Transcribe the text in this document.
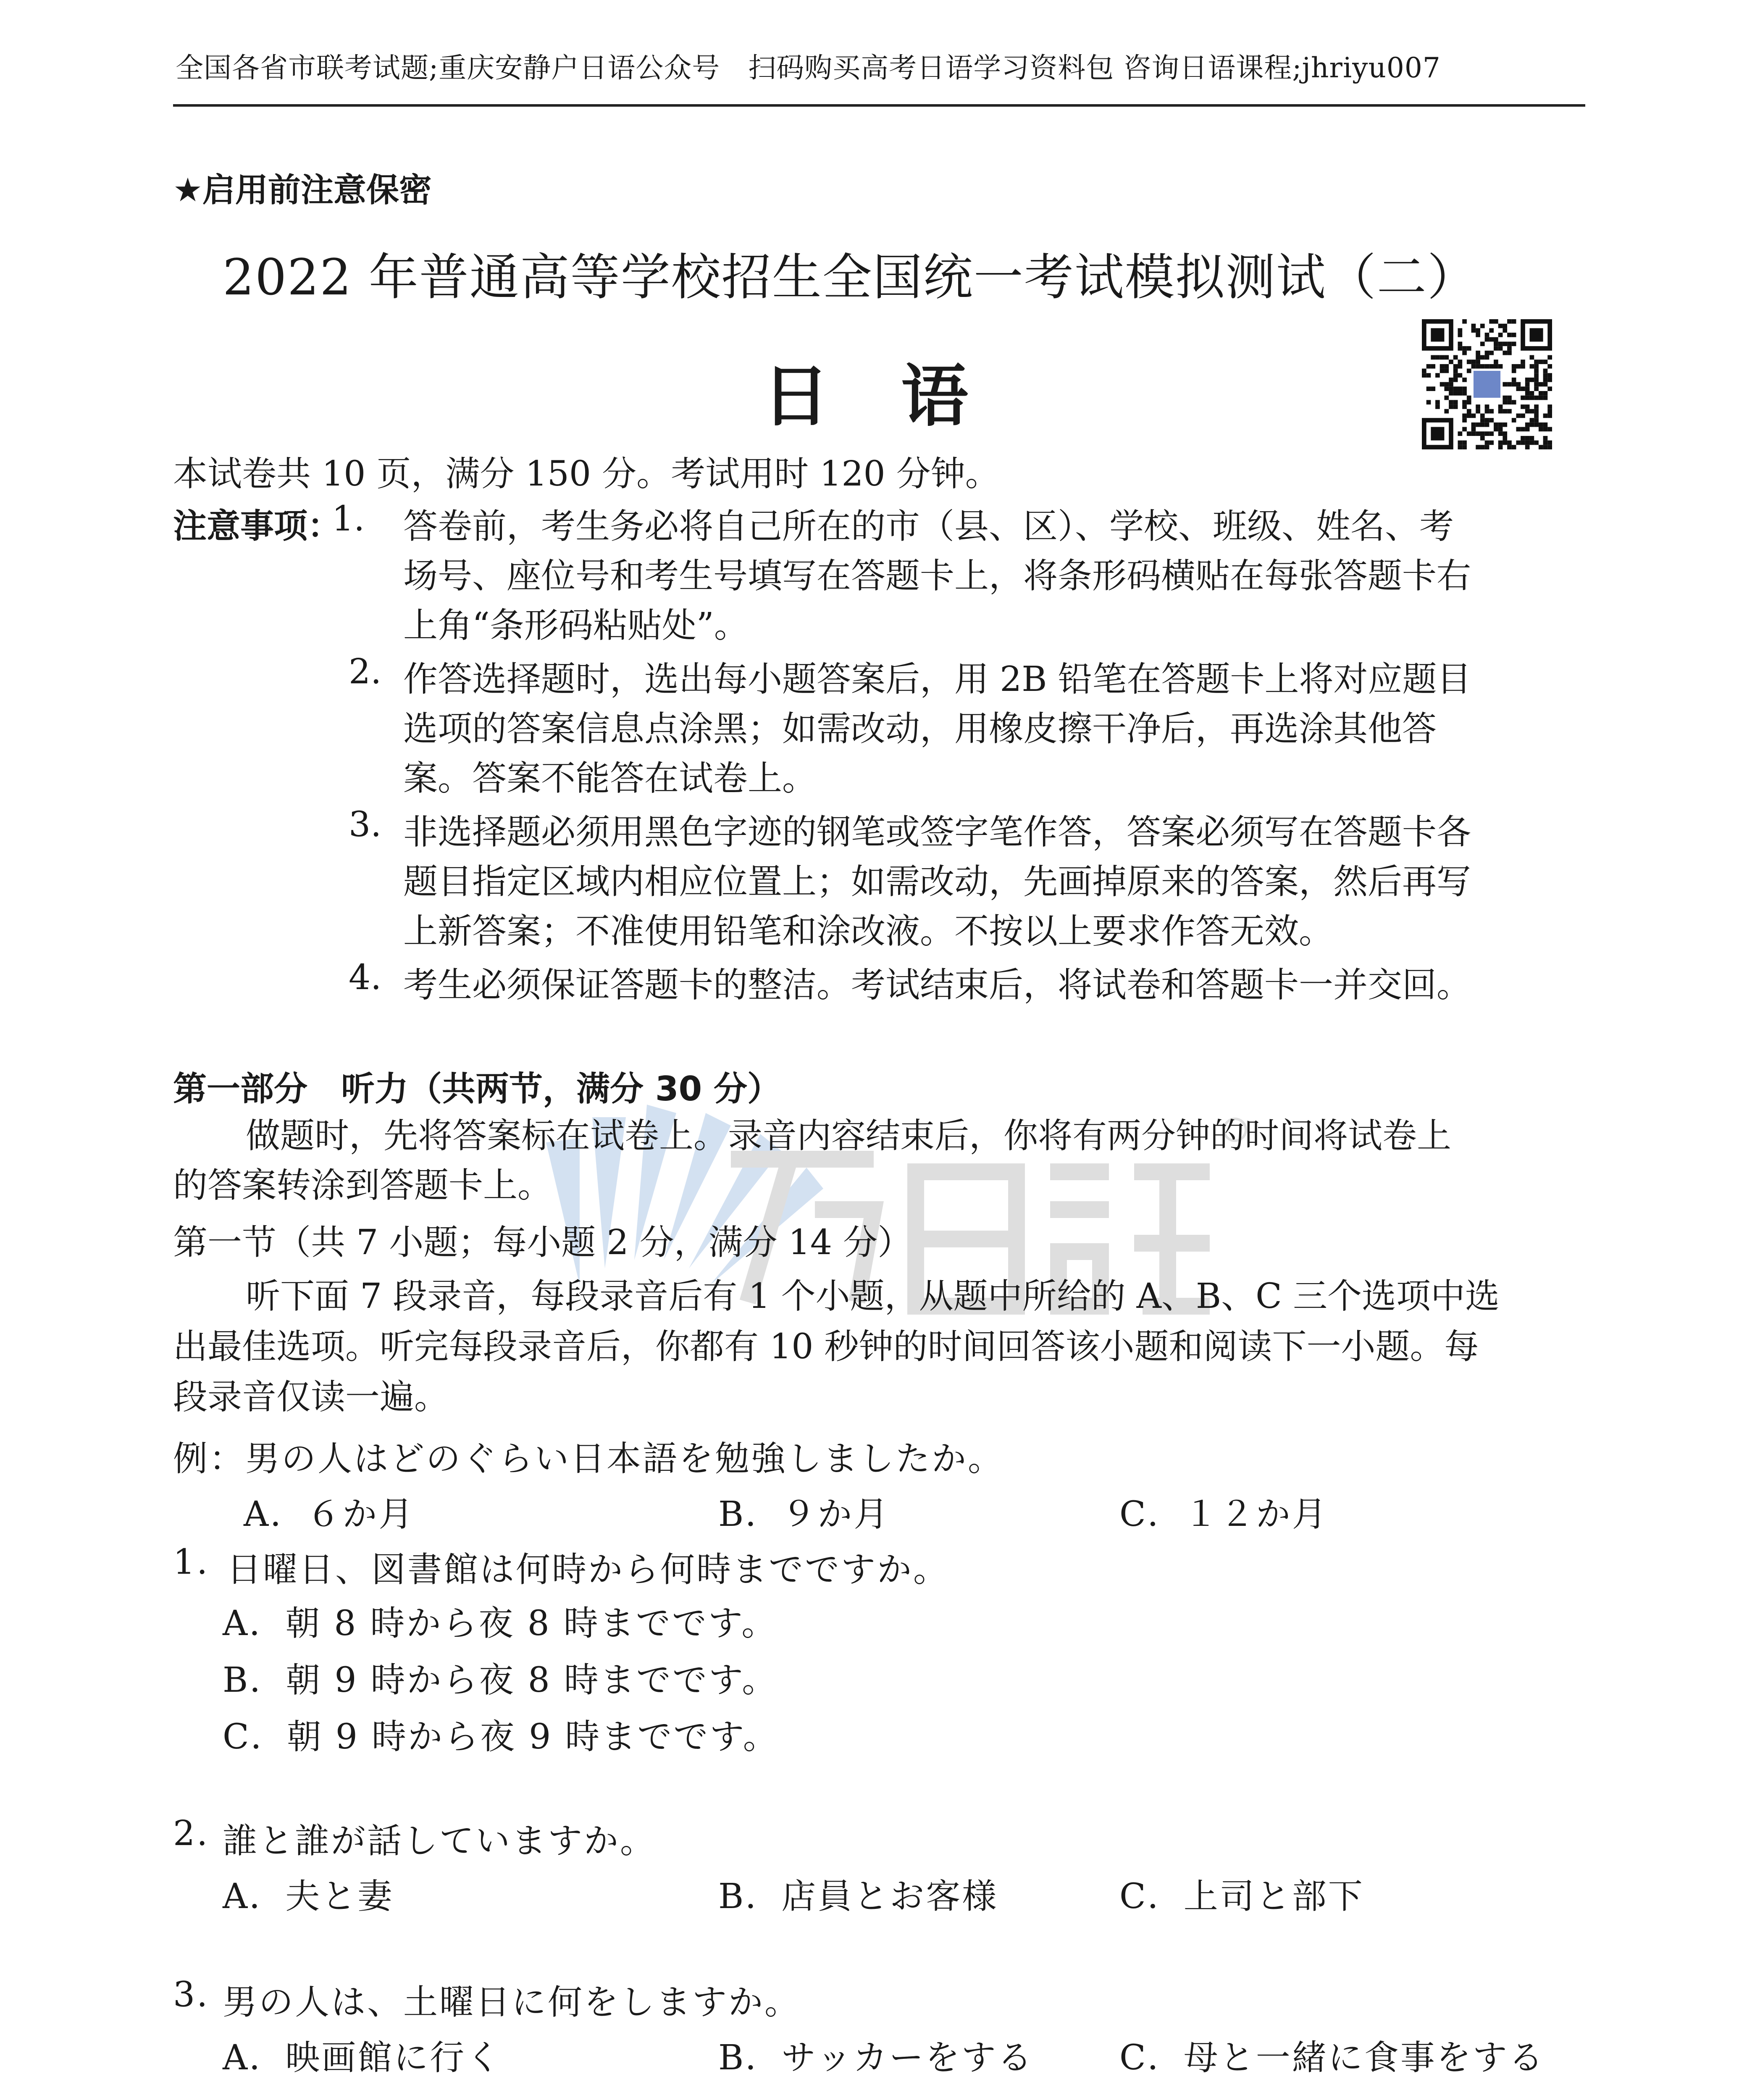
全国各省市联考试题;重庆安静户日语公众号　扫码购买高考日语学习资料包 咨询日语课程;jhriyu007
★启用前注意保密
2022 年普通高等学校招生全国统一考试模拟测试（二）
日语
本试卷共 10 页，满分 150 分。考试用时 120 分钟。
注意事项：
1. 答卷前，考生务必将自己所在的市（县、区）、学校、班级、姓名、考
场号、座位号和考生号填写在答题卡上，将条形码横贴在每张答题卡右
上角“条形码粘贴处”。
2. 作答选择题时，选出每小题答案后，用 2B 铅笔在答题卡上将对应题目
选项的答案信息点涂黑；如需改动，用橡皮擦干净后，再选涂其他答
案。答案不能答在试卷上。
3. 非选择题必须用黑色字迹的钢笔或签字笔作答，答案必须写在答题卡各
题目指定区域内相应位置上；如需改动，先画掉原来的答案，然后再写
上新答案；不准使用铅笔和涂改液。不按以上要求作答无效。
4. 考生必须保证答题卡的整洁。考试结束后，将试卷和答题卡一并交回。
第一部分　听力（共两节，满分 30 分）
做题时，先将答案标在试卷上。录音内容结束后，你将有两分钟的时间将试卷上
的答案转涂到答题卡上。
第一节（共 7 小题；每小题 2 分，满分 14 分）
听下面 7 段录音，每段录音后有 1 个小题，从题中所给的 A、B、C 三个选项中选
出最佳选项。听完每段录音后，你都有 10 秒钟的时间回答该小题和阅读下一小题。每
段录音仅读一遍。
例：男の人はどのぐらい日本語を勉強しましたか。
A．６か月	B．９か月	C．１２か月
1. 日曜日、図書館は何時から何時までですか。
A．朝 8 時から夜 8 時までです。
B．朝 9 時から夜 8 時までです。
C．朝 9 時から夜 9 時までです。
2. 誰と誰が話していますか。
A．夫と妻	B．店員とお客様	C．上司と部下
3. 男の人は、土曜日に何をしますか。
A．映画館に行く	B．サッカーをする C．母と一緒に食事をする
